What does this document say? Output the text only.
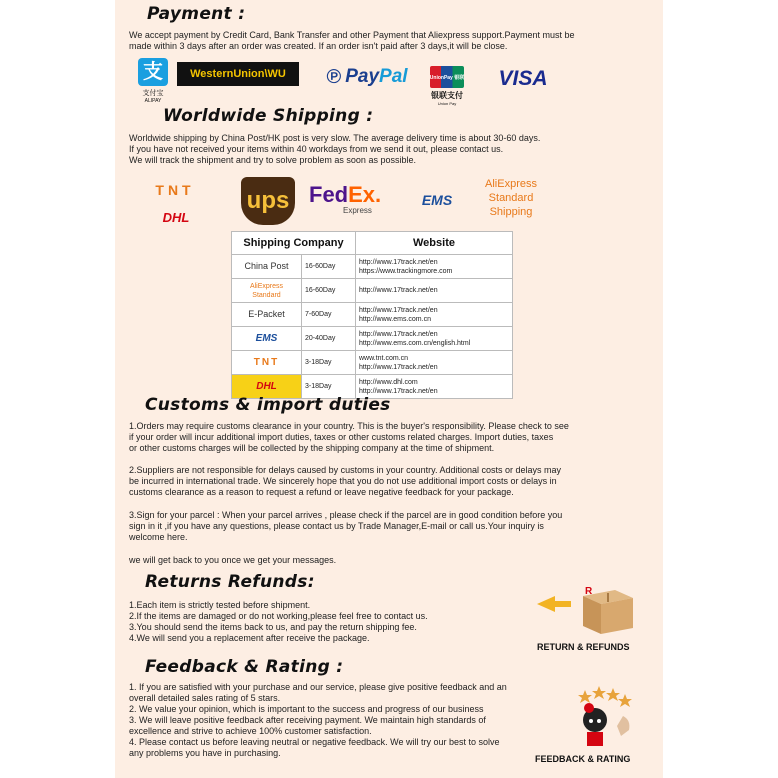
Payment :
We accept payment by Credit Card, Bank Transfer and other Payment that Aliexpress support.Payment must be
made within 3 days after an order was created. If an order isn't paid after 3 days,it will be close.
支
支付宝
ALIPAY
WesternUnion\WU	℗ Pay Pal	UnionPay 银联
银联支付
Union Pay
VISA
Worldwide Shipping :
Worldwide shipping by China Post/HK post is very slow. The average delivery time is about 30-60 days.
If you have not received your items within 40 workdays from we send it out, please contact us.
We will track the shipment and try to solve problem as soon as possible.
TNT
DHL
ups FedEx.
Express
EMS
AliExpress
Standard
Shipping
Shipping Company		Website
China Post	16-60Day	http://www.17track.net/en
https://www.trackingmore.com

AliExpress Standard	16-60Day	http://www.17track.net/en

E-Packet	7-60Day	http://www.17track.net/en
http://www.ems.com.cn

EMS	20-40Day	http://www.17track.net/en
http://www.ems.com.cn/english.html

TNT	3-18Day	www.tnt.com.cn
http://www.17track.net/en

DHL	3-18Day	http://www.dhl.com
http://www.17track.net/en
Customs & import duties
1.Orders may require customs clearance in your country. This is the buyer's responsibility. Please check to see
if your order will incur additional import duties, taxes or other customs related charges. Import duties, taxes
or other customs charges will be collected by the shipping company at the time of shipment.
2.Suppliers are not responsible for delays caused by customs in your country. Additional costs or delays may
be incurred in international trade. We sincerely hope that you do not use additional import costs or delays in
customs clearance as a reason to request a refund or leave negative feedback for your package.
3.Sign for your parcel : When your parcel arrives , please check if the parcel are in good condition before you
sign in it ,if you have any questions, please contact us by Trade Manager,E-mail or call us.Your inquiry is
welcome here.
we will get back to you once we get your messages.
Returns Refunds:
1.Each item is strictly tested before shipment.
2.If the items are damaged or do not working,please feel free to contact us.
3.You should send the items back to us, and pay the return shipping fee.
4.We will send you a replacement after receive the package.
R
RETURN & REFUNDS
Feedback & Rating :
1. If you are satisfied with your purchase and our service, please give positive feedback and an
overall detailed sales rating of 5 stars.
2. We value your opinion, which is important to the success and progress of our business
3. We will leave positive feedback after receiving payment. We maintain high standards of
excellence and strive to achieve 100% customer satisfaction.
4. Please contact us before leaving neutral or negative feedback. We will try our best to solve
any problems you have in purchasing.
FEEDBACK & RATING
